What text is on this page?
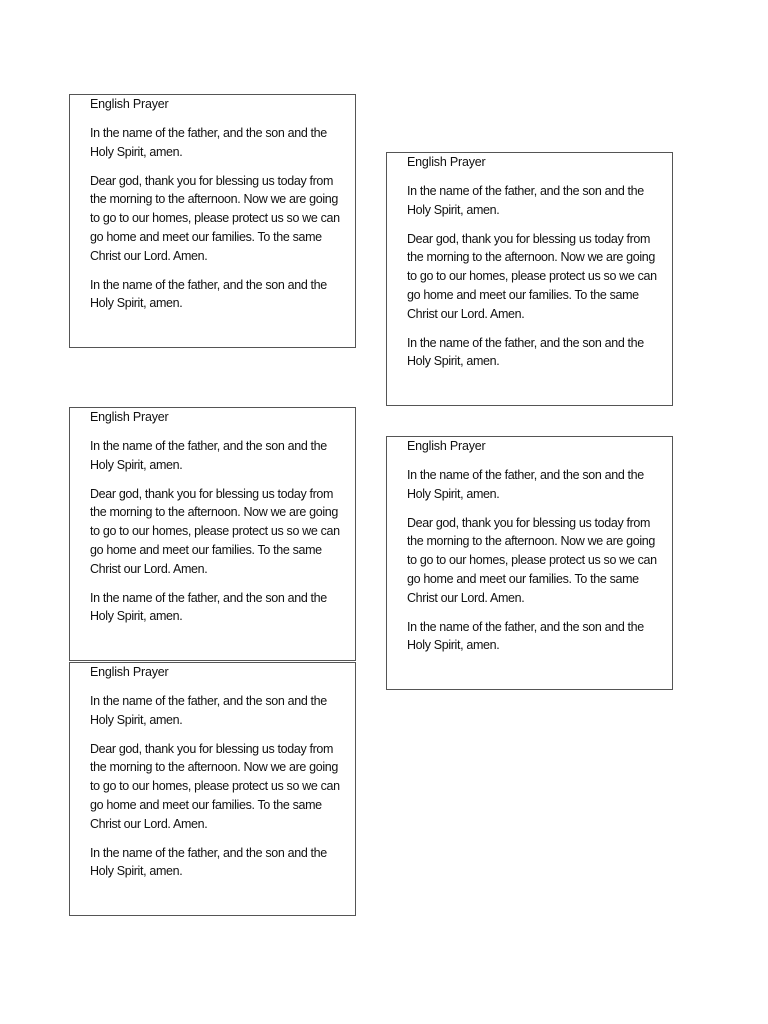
English Prayer

In the name of the father, and the son and the Holy Spirit, amen.

Dear god, thank you for blessing us today from the morning to the afternoon. Now we are going to go to our homes, please protect us so we can go home and meet our families. To the same Christ our Lord. Amen.

In the name of the father, and the son and the Holy Spirit, amen.

English Prayer

In the name of the father, and the son and the Holy Spirit, amen.

Dear god, thank you for blessing us today from the morning to the afternoon. Now we are going to go to our homes, please protect us so we can go home and meet our families. To the same Christ our Lord. Amen.

In the name of the father, and the son and the Holy Spirit, amen.

English Prayer

In the name of the father, and the son and the Holy Spirit, amen.

Dear god, thank you for blessing us today from the morning to the afternoon. Now we are going to go to our homes, please protect us so we can go home and meet our families. To the same Christ our Lord. Amen.

In the name of the father, and the son and the Holy Spirit, amen.

English Prayer

In the name of the father, and the son and the Holy Spirit, amen.

Dear god, thank you for blessing us today from the morning to the afternoon. Now we are going to go to our homes, please protect us so we can go home and meet our families. To the same Christ our Lord. Amen.

In the name of the father, and the son and the Holy Spirit, amen.

English Prayer

In the name of the father, and the son and the Holy Spirit, amen.

Dear god, thank you for blessing us today from the morning to the afternoon. Now we are going to go to our homes, please protect us so we can go home and meet our families. To the same Christ our Lord. Amen.

In the name of the father, and the son and the Holy Spirit, amen.
